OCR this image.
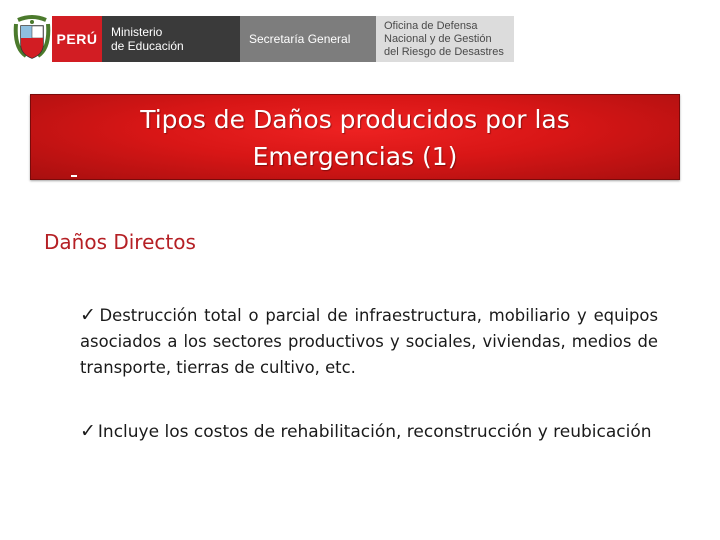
PERÚ Ministerio
de Educación	Secretaría General
Oficina de Defensa
Nacional y de Gestión
del Riesgo de Desastres
Tipos de Daños producidos por las
Emergencias (1)
Daños Directos
✓ Destrucción total o parcial de infraestructura, mobiliario y equipos asociados a los sectores productivos y sociales, viviendas, medios de transporte, tierras de cultivo, etc.
✓ Incluye los costos de rehabilitación, reconstrucción y reubicación
